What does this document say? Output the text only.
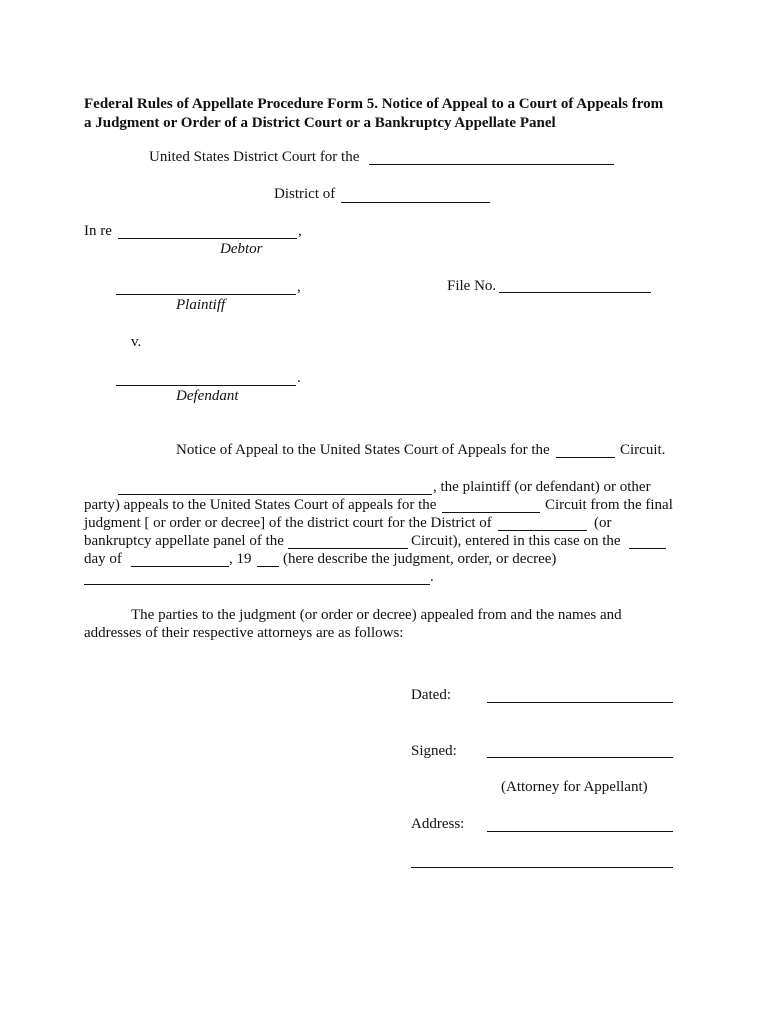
Federal Rules of Appellate Procedure Form 5. Notice of Appeal to a Court of Appeals from
a Judgment or Order of a District Court or a Bankruptcy Appellate Panel
United States District Court for the
District of
In re	,
Debtor
,	File No.
Plaintiff
v.
.
Defendant
Notice of Appeal to the United States Court of Appeals for the	Circuit.
, the plaintiff (or defendant) or other
party) appeals to the United States Court of appeals for the	Circuit from the final
judgment [ or order or decree] of the district court for the District of	(or
bankruptcy appellate panel of the	Circuit), entered in this case on the
day of	, 19 (here describe the judgment, order, or decree)
.
The parties to the judgment (or order or decree) appealed from and the names and
addresses of their respective attorneys are as follows:
Dated:
Signed:
(Attorney for Appellant)
Address:
